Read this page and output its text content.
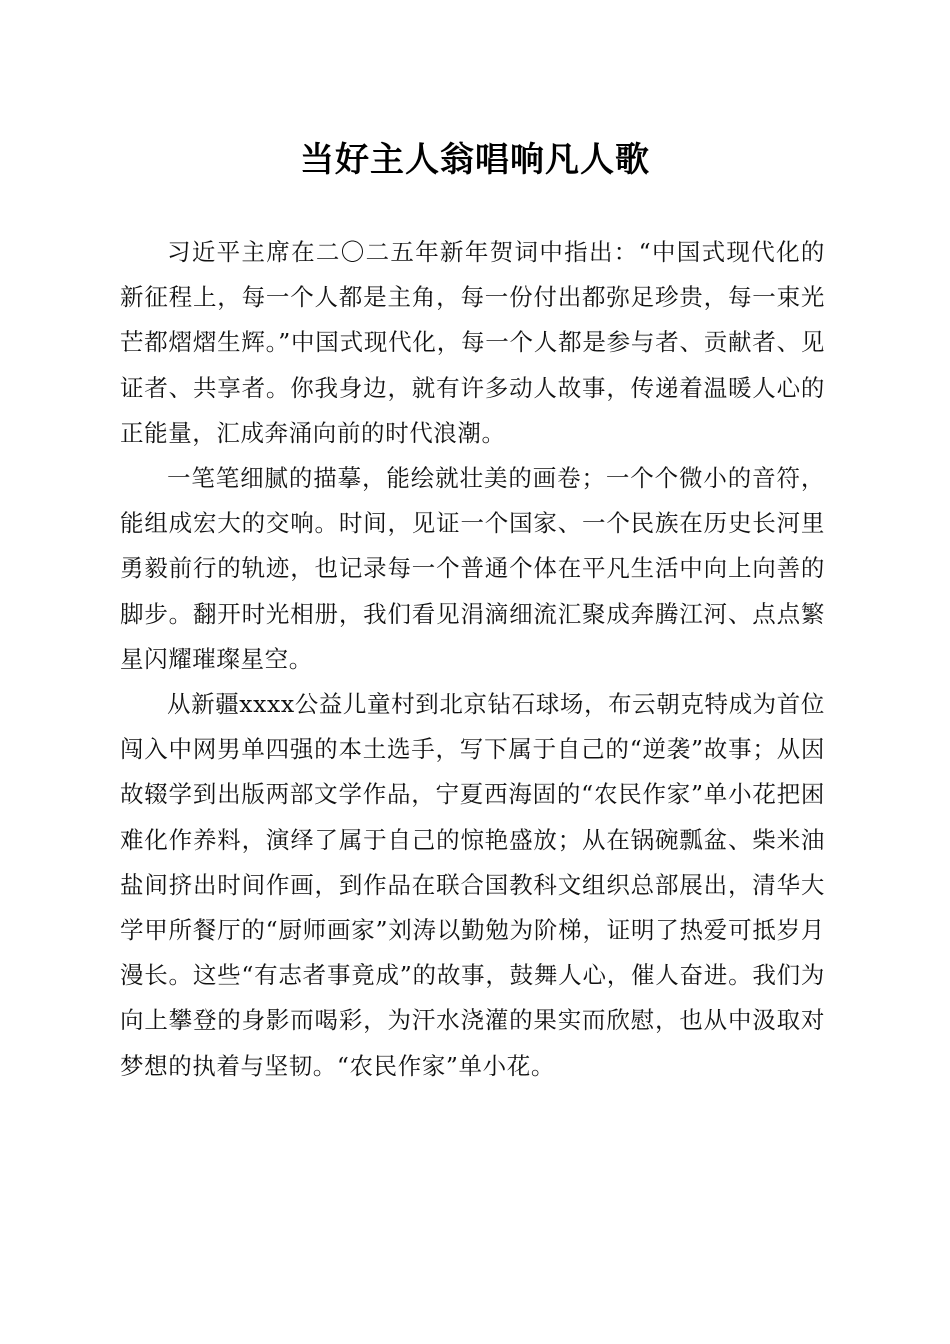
当好主人翁唱响凡人歌

习近平主席在二〇二五年新年贺词中指出：“中国式现代化的新征程上，每一个人都是主角，每一份付出都弥足珍贵，每一束光芒都熠熠生辉。”中国式现代化，每一个人都是参与者、贡献者、见证者、共享者。你我身边，就有许多动人故事，传递着温暖人心的正能量，汇成奔涌向前的时代浪潮。

一笔笔细腻的描摹，能绘就壮美的画卷；一个个微小的音符，能组成宏大的交响。时间，见证一个国家、一个民族在历史长河里勇毅前行的轨迹，也记录每一个普通个体在平凡生活中向上向善的脚步。翻开时光相册，我们看见涓滴细流汇聚成奔腾江河、点点繁星闪耀璀璨星空。

从新疆xxxx公益儿童村到北京钻石球场，布云朝克特成为首位闯入中网男单四强的本土选手，写下属于自己的“逆袭”故事；从因故辍学到出版两部文学作品，宁夏西海固的“农民作家”单小花把困难化作养料，演绎了属于自己的惊艳盛放；从在锅碗瓢盆、柴米油盐间挤出时间作画，到作品在联合国教科文组织总部展出，清华大学甲所餐厅的“厨师画家”刘涛以勤勉为阶梯，证明了热爱可抵岁月漫长。这些“有志者事竟成”的故事，鼓舞人心，催人奋进。我们为向上攀登的身影而喝彩，为汗水浇灌的果实而欣慰，也从中汲取对梦想的执着与坚韧。“农民作家”单小花。
